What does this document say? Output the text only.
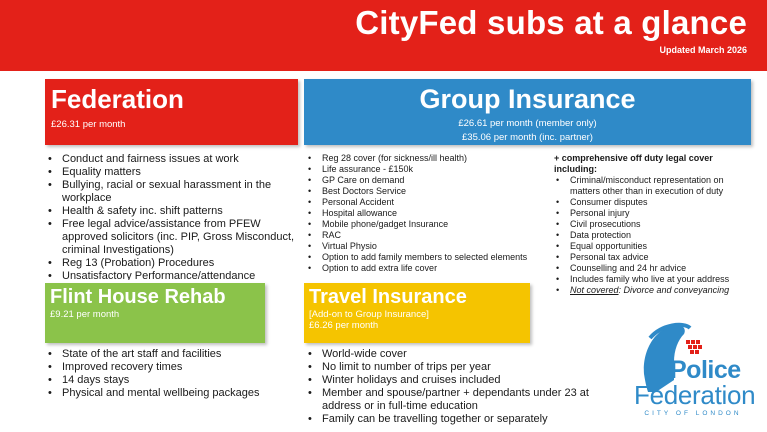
CityFed subs at a glance
Updated March 2026
Federation
£26.31 per month
Group Insurance
£26.61 per month (member only)
£35.06 per month (inc. partner)
• Conduct and fairness issues at work
• Equality matters
• Bullying, racial or sexual harassment in the workplace
• Health & safety inc. shift patterns
• Free legal advice/assistance from PFEW approved solicitors (inc. PIP, Gross Misconduct, criminal Investigations)
• Reg 13 (Probation) Procedures
• Unsatisfactory Performance/attendance
• Reg 28 cover (for sickness/ill health)
• Life assurance - £150k
• GP Care on demand
• Best Doctors Service
• Personal Accident
• Hospital allowance
• Mobile phone/gadget Insurance
• RAC
• Virtual Physio
• Option to add family members to selected elements
• Option to add extra life cover
+ comprehensive off duty legal cover including:
• Criminal/misconduct representation on matters other than in execution of duty
• Consumer disputes
• Personal injury
• Civil prosecutions
• Data protection
• Equal opportunities
• Personal tax advice
• Counselling and 24 hr advice
• Includes family who live at your address
• Not covered: Divorce and conveyancing
Flint House Rehab
£9.21 per month
Travel Insurance
[Add-on to Group Insurance]
£6.26 per month
• State of the art staff and facilities
• Improved recovery times
• 14 days stays
• Physical and mental wellbeing packages
• World-wide cover
• No limit to number of trips per year
• Winter holidays and cruises included
• Member and spouse/partner + dependants under 23 at address or in full-time education
• Family can be travelling together or separately
Police
Federation
CITY OF LONDON
